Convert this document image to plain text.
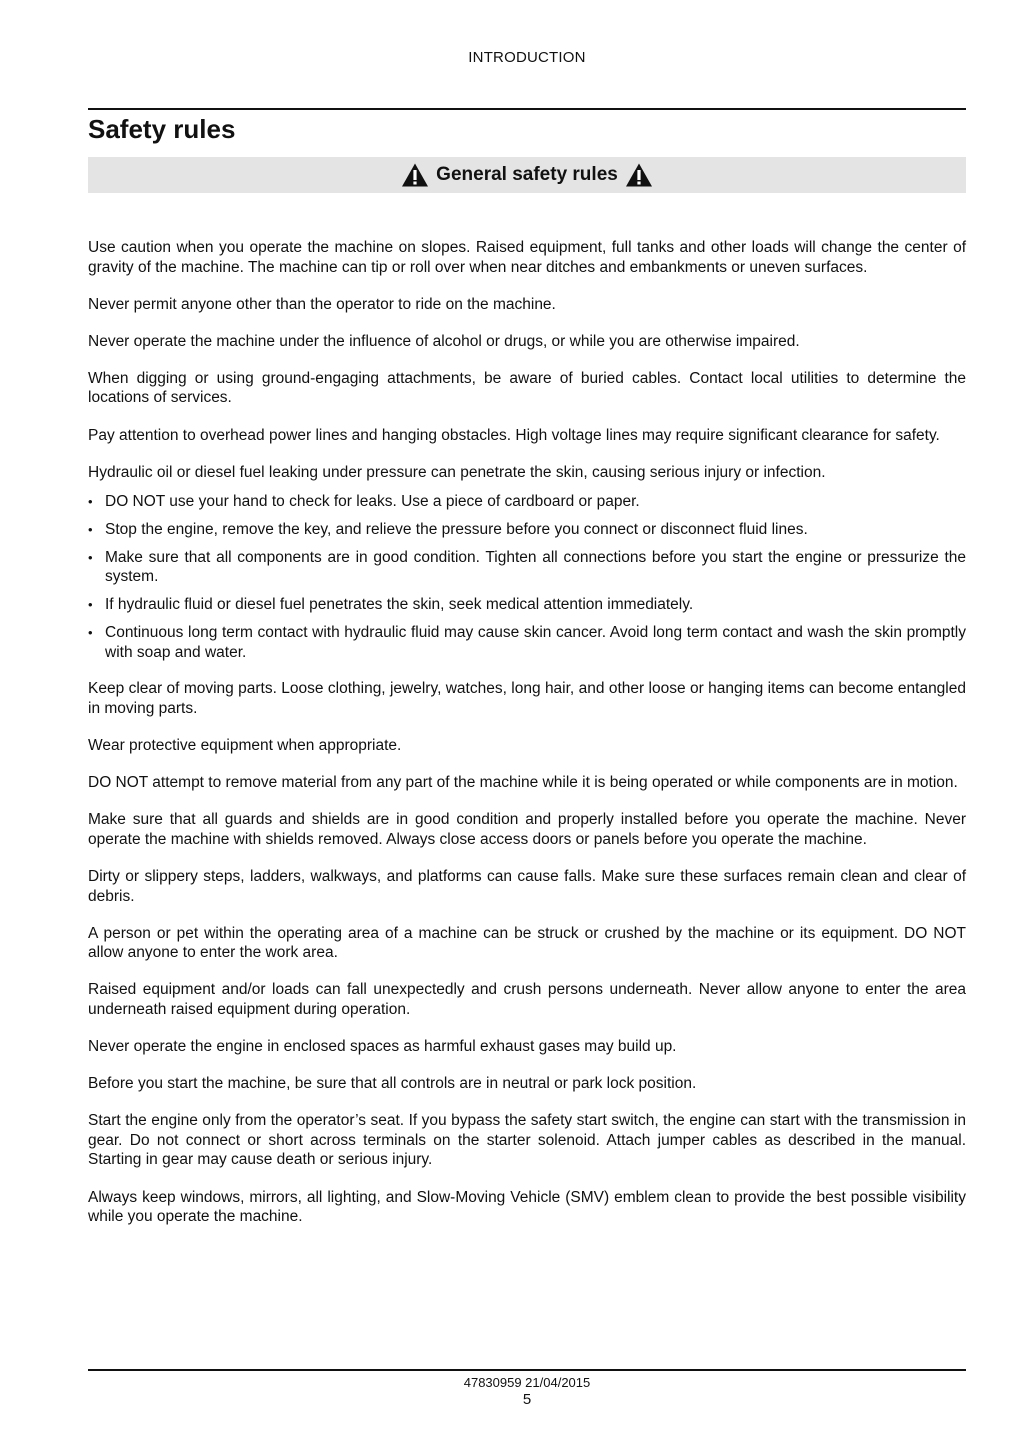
INTRODUCTION
Safety rules
General safety rules

Use caution when you operate the machine on slopes. Raised equipment, full tanks and other loads will change the center of gravity of the machine. The machine can tip or roll over when near ditches and embankments or uneven surfaces.

Never permit anyone other than the operator to ride on the machine.

Never operate the machine under the influence of alcohol or drugs, or while you are otherwise impaired.

When digging or using ground-engaging attachments, be aware of buried cables. Contact local utilities to determine the locations of services.

Pay attention to overhead power lines and hanging obstacles. High voltage lines may require significant clearance for safety.

Hydraulic oil or diesel fuel leaking under pressure can penetrate the skin, causing serious injury or infection.

• DO NOT use your hand to check for leaks. Use a piece of cardboard or paper.
• Stop the engine, remove the key, and relieve the pressure before you connect or disconnect fluid lines.
• Make sure that all components are in good condition. Tighten all connections before you start the engine or pressurize the system.
• If hydraulic fluid or diesel fuel penetrates the skin, seek medical attention immediately.
• Continuous long term contact with hydraulic fluid may cause skin cancer. Avoid long term contact and wash the skin promptly with soap and water.

Keep clear of moving parts. Loose clothing, jewelry, watches, long hair, and other loose or hanging items can become entangled in moving parts.

Wear protective equipment when appropriate.

DO NOT attempt to remove material from any part of the machine while it is being operated or while components are in motion.

Make sure that all guards and shields are in good condition and properly installed before you operate the machine. Never operate the machine with shields removed. Always close access doors or panels before you operate the machine.

Dirty or slippery steps, ladders, walkways, and platforms can cause falls. Make sure these surfaces remain clean and clear of debris.

A person or pet within the operating area of a machine can be struck or crushed by the machine or its equipment. DO NOT allow anyone to enter the work area.

Raised equipment and/or loads can fall unexpectedly and crush persons underneath. Never allow anyone to enter the area underneath raised equipment during operation.

Never operate the engine in enclosed spaces as harmful exhaust gases may build up.

Before you start the machine, be sure that all controls are in neutral or park lock position.

Start the engine only from the operator’s seat. If you bypass the safety start switch, the engine can start with the transmission in gear. Do not connect or short across terminals on the starter solenoid. Attach jumper cables as described in the manual. Starting in gear may cause death or serious injury.

Always keep windows, mirrors, all lighting, and Slow-Moving Vehicle (SMV) emblem clean to provide the best possible visibility while you operate the machine.

47830959 21/04/2015
5
